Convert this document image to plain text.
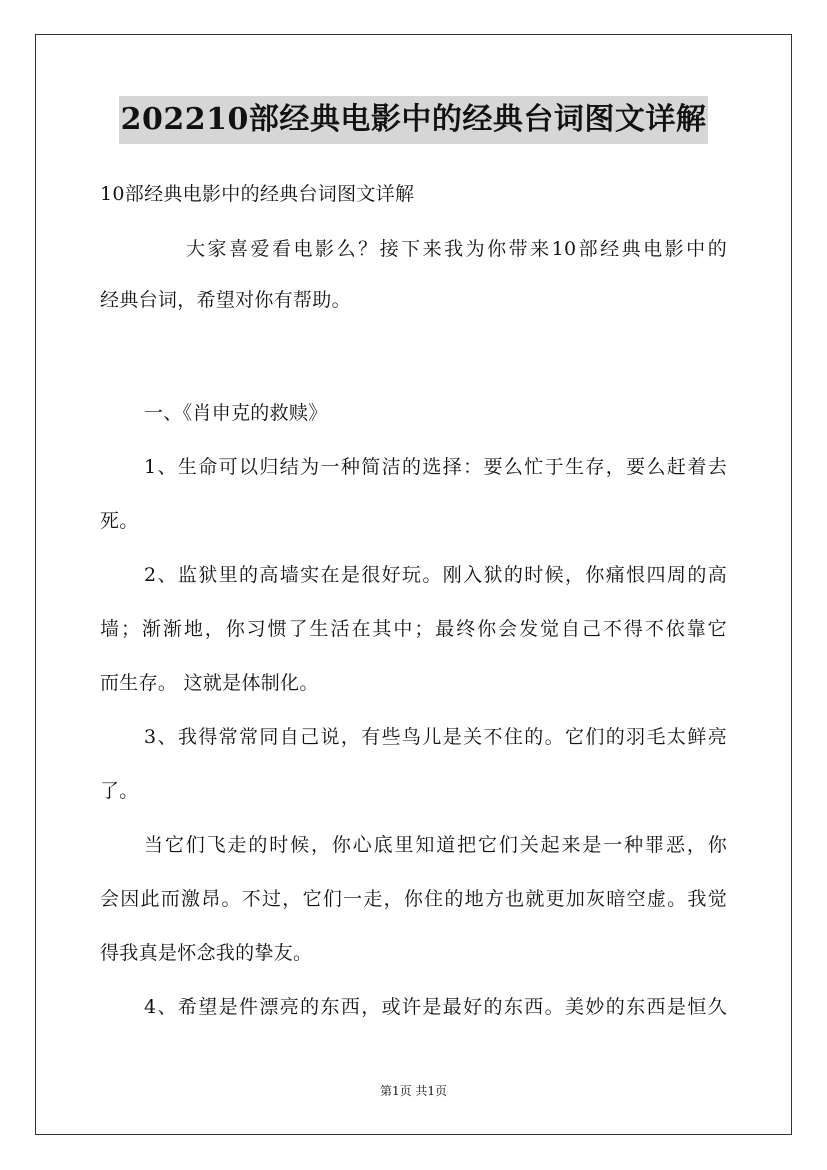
202210部经典电影中的经典台词图文详解
10部经典电影中的经典台词图文详解
大家喜爱看电影么？接下来我为你带来10部经典电影中的
经典台词，希望对你有帮助。
一、《肖申克的救赎》
1、生命可以归结为一种简洁的选择：要么忙于生存，要么赶着去
死。
2、监狱里的高墙实在是很好玩。刚入狱的时候，你痛恨四周的高
墙；渐渐地，你习惯了生活在其中；最终你会发觉自己不得不依靠它
而生存。 这就是体制化。
3、我得常常同自己说，有些鸟儿是关不住的。它们的羽毛太鲜亮
了。
当它们飞走的时候，你心底里知道把它们关起来是一种罪恶，你
会因此而激昂。不过，它们一走，你住的地方也就更加灰暗空虚。我觉
得我真是怀念我的挚友。
4、希望是件漂亮的东西，或许是最好的东西。美妙的东西是恒久
第1页 共1页
